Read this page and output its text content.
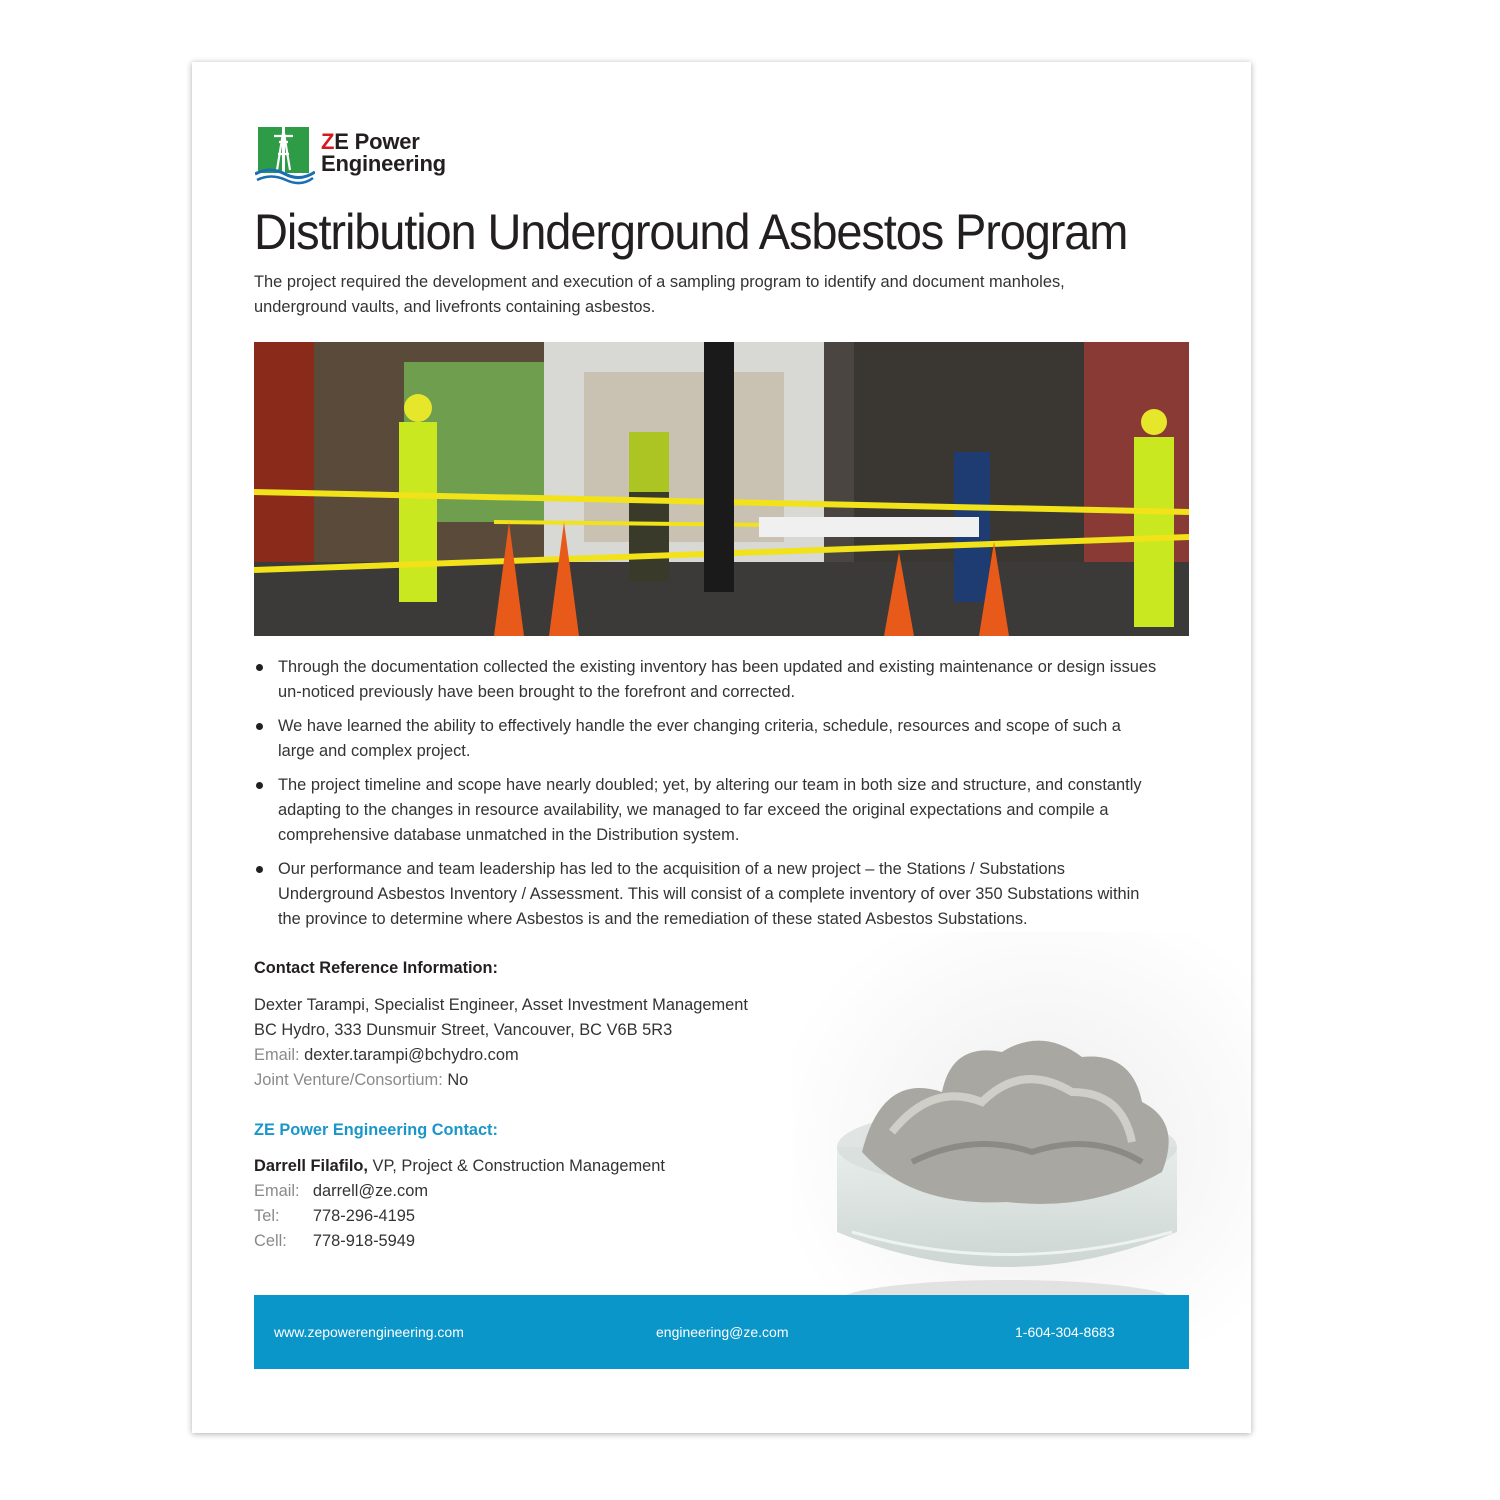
ZE Power
Engineering
Distribution Underground Asbestos Program

The project required the development and execution of a sampling program to identify and document manholes, underground vaults, and livefronts containing asbestos.

Through the documentation collected the existing inventory has been updated and existing maintenance or design issues un-noticed previously have been brought to the forefront and corrected.
We have learned the ability to effectively handle the ever changing criteria, schedule, resources and scope of such a large and complex project.
The project timeline and scope have nearly doubled; yet, by altering our team in both size and structure, and constantly adapting to the changes in resource availability, we managed to far exceed the original expectations and compile a comprehensive database unmatched in the Distribution system.
Our performance and team leadership has led to the acquisition of a new project – the Stations / Substations Underground Asbestos Inventory / Assessment. This will consist of a complete inventory of over 350 Substations within the province to determine where Asbestos is and the remediation of these stated Asbestos Substations.
Contact Reference Information:
Dexter Tarampi, Specialist Engineer, Asset Investment Management
BC Hydro, 333 Dunsmuir Street, Vancouver, BC V6B 5R3
Email: dexter.tarampi@bchydro.com
Joint Venture/Consortium: No
ZE Power Engineering Contact:
Darrell Filafilo, VP, Project & Construction Management
Email: darrell@ze.com
Tel: 778-296-4195
Cell: 778-918-5949
www.zepowerengineering.com	engineering@ze.com	1-604-304-8683
